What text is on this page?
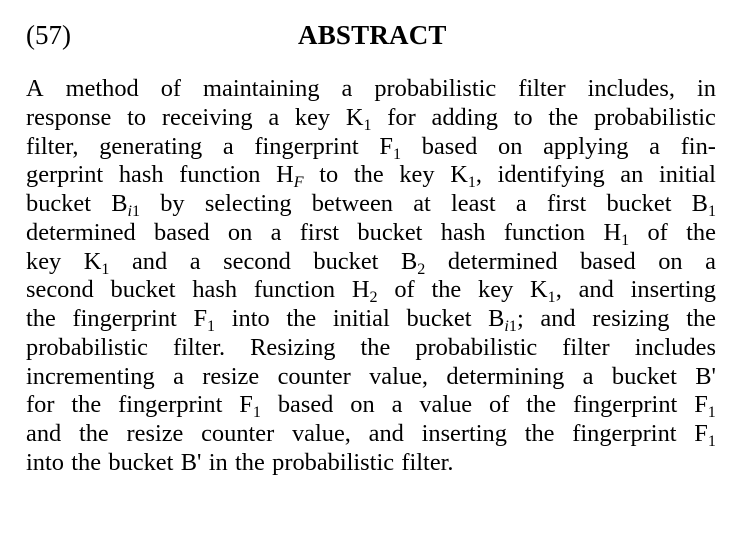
(57)	ABSTRACT
A method of maintaining a probabilistic filter includes, in
response to receiving a key $K_1$ for adding to the probabilistic
filter, generating a fingerprint $F_1$ based on applying a fin-
gerprint hash function $H_F$ to the key $K_1$, identifying an initial
bucket $B_{i1}$ by selecting between at least a first bucket $B_1$
determined based on a first bucket hash function $H_1$ of the
key $K_1$ and a second bucket $B_2$ determined based on a
second bucket hash function $H_2$ of the key $K_1$, and inserting
the fingerprint $F_1$ into the initial bucket $B_{i1}$; and resizing the
probabilistic filter. Resizing the probabilistic filter includes
incrementing a resize counter value, determining a bucket B'
for the fingerprint $F_1$ based on a value of the fingerprint $F_1$
and the resize counter value, and inserting the fingerprint $F_1$
into the bucket B' in the probabilistic filter.
